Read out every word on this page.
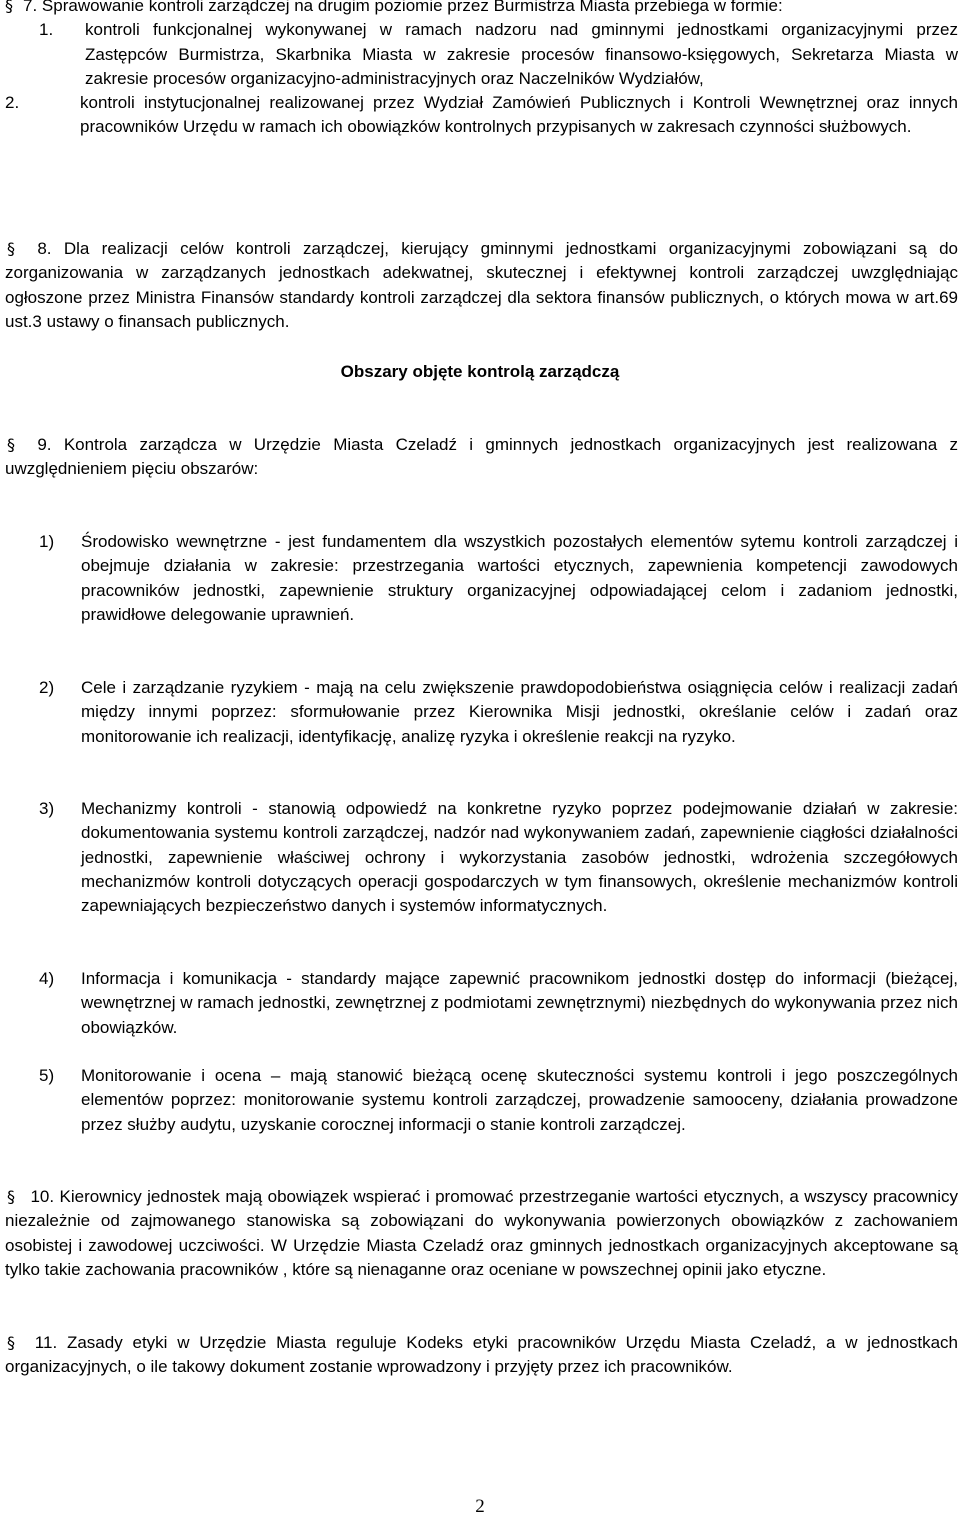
§ 7. Sprawowanie kontroli zarządczej na drugim poziomie przez Burmistrza Miasta przebiega w formie:

1.	kontroli funkcjonalnej wykonywanej w ramach nadzoru nad gminnymi jednostkami organizacyjnymi przez Zastępców Burmistrza, Skarbnika Miasta w zakresie procesów finansowo-księgowych, Sekretarza Miasta w zakresie procesów organizacyjno-administracyjnych oraz Naczelników Wydziałów,
2.	kontroli instytucjonalnej realizowanej przez Wydział Zamówień Publicznych i Kontroli Wewnętrznej oraz innych pracowników Urzędu w ramach ich obowiązków kontrolnych przypisanych w zakresach czynności służbowych.

§ 8. Dla realizacji celów kontroli zarządczej, kierujący gminnymi jednostkami organizacyjnymi zobowiązani są do zorganizowania w zarządzanych jednostkach adekwatnej, skutecznej i efektywnej kontroli zarządczej uwzględniając ogłoszone przez Ministra Finansów standardy kontroli zarządczej dla sektora finansów publicznych, o których mowa w art.69 ust.3 ustawy o finansach publicznych.

Obszary objęte kontrolą zarządczą

§ 9. Kontrola zarządcza w Urzędzie Miasta Czeladź i gminnych jednostkach organizacyjnych jest realizowana z uwzględnieniem pięciu obszarów:

1)	Środowisko wewnętrzne - jest fundamentem dla wszystkich pozostałych elementów sytemu kontroli zarządczej i obejmuje działania w zakresie: przestrzegania wartości etycznych, zapewnienia kompetencji zawodowych pracowników jednostki, zapewnienie struktury organizacyjnej odpowiadającej celom i zadaniom jednostki, prawidłowe delegowanie uprawnień.
2)	Cele i zarządzanie ryzykiem - mają na celu zwiększenie prawdopodobieństwa osiągnięcia celów i realizacji zadań między innymi poprzez: sformułowanie przez Kierownika Misji jednostki, określanie celów i zadań oraz monitorowanie ich realizacji, identyfikację, analizę ryzyka i określenie reakcji na ryzyko.
3)	Mechanizmy kontroli - stanowią odpowiedź na konkretne ryzyko poprzez podejmowanie działań w zakresie: dokumentowania systemu kontroli zarządczej, nadzór nad wykonywaniem zadań, zapewnienie ciągłości działalności jednostki, zapewnienie właściwej ochrony i wykorzystania zasobów jednostki, wdrożenia szczegółowych mechanizmów kontroli dotyczących operacji gospodarczych w tym finansowych, określenie mechanizmów kontroli zapewniających bezpieczeństwo danych i systemów informatycznych.
4)	Informacja i komunikacja - standardy mające zapewnić pracownikom jednostki dostęp do informacji (bieżącej, wewnętrznej w ramach jednostki, zewnętrznej z podmiotami zewnętrznymi) niezbędnych do wykonywania przez nich obowiązków.
5)	Monitorowanie i ocena – mają stanowić bieżącą ocenę skuteczności systemu kontroli i jego poszczególnych elementów poprzez: monitorowanie systemu kontroli zarządczej, prowadzenie samooceny, działania prowadzone przez służby audytu, uzyskanie corocznej informacji o stanie kontroli zarządczej.

§ 10. Kierownicy jednostek mają obowiązek wspierać i promować przestrzeganie wartości etycznych, a wszyscy pracownicy niezależnie od zajmowanego stanowiska są zobowiązani do wykonywania powierzonych obowiązków z zachowaniem osobistej i zawodowej uczciwości. W Urzędzie Miasta Czeladź oraz gminnych jednostkach organizacyjnych akceptowane są tylko takie zachowania pracowników , które są nienaganne oraz oceniane w powszechnej opinii jako etyczne.

§ 11. Zasady etyki w Urzędzie Miasta reguluje Kodeks etyki pracowników Urzędu Miasta Czeladź, a w jednostkach organizacyjnych, o ile takowy dokument zostanie wprowadzony i przyjęty przez ich pracowników.

2
